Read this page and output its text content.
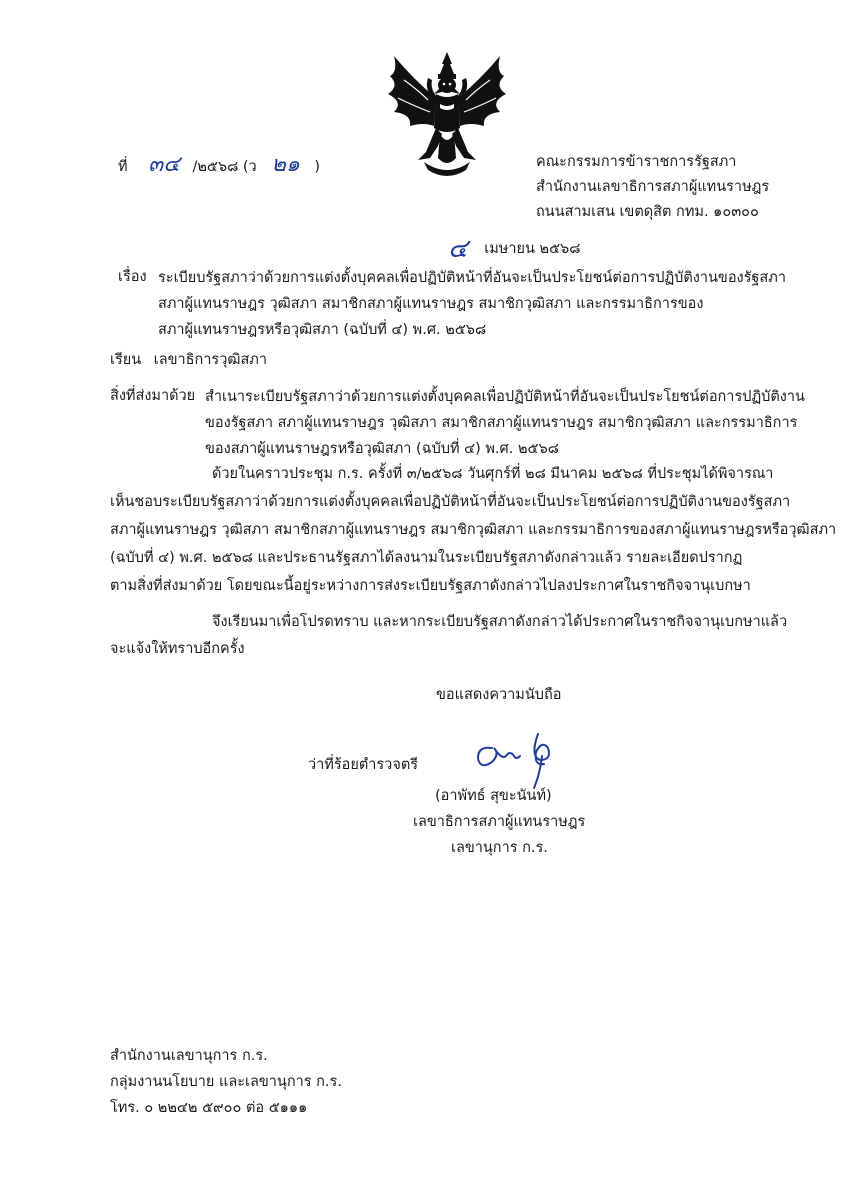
ที่ ๓๔ /๒๕๖๘ (ว ๒๑ )	คณะกรรมการข้าราชการรัฐสภา
สำนักงานเลขาธิการสภาผู้แทนราษฎร
ถนนสามเสน เขตดุสิต กทม. ๑๐๓๐๐
๔ เมษายน ๒๕๖๘
เรื่อง ระเบียบรัฐสภาว่าด้วยการแต่งตั้งบุคคลเพื่อปฏิบัติหน้าที่อันจะเป็นประโยชน์ต่อการปฏิบัติงานของรัฐสภา
สภาผู้แทนราษฎร วุฒิสภา สมาชิกสภาผู้แทนราษฎร สมาชิกวุฒิสภา และกรรมาธิการของ
สภาผู้แทนราษฎรหรือวุฒิสภา (ฉบับที่ ๔) พ.ศ. ๒๕๖๘
เรียน เลขาธิการวุฒิสภา
สิ่งที่ส่งมาด้วย สำเนาระเบียบรัฐสภาว่าด้วยการแต่งตั้งบุคคลเพื่อปฏิบัติหน้าที่อันจะเป็นประโยชน์ต่อการปฏิบัติงาน
ของรัฐสภา สภาผู้แทนราษฎร วุฒิสภา สมาชิกสภาผู้แทนราษฎร สมาชิกวุฒิสภา และกรรมาธิการ
ของสภาผู้แทนราษฎรหรือวุฒิสภา (ฉบับที่ ๔) พ.ศ. ๒๕๖๘
ด้วยในคราวประชุม ก.ร. ครั้งที่ ๓/๒๕๖๘ วันศุกร์ที่ ๒๘ มีนาคม ๒๕๖๘ ที่ประชุมได้พิจารณา
เห็นชอบระเบียบรัฐสภาว่าด้วยการแต่งตั้งบุคคลเพื่อปฏิบัติหน้าที่อันจะเป็นประโยชน์ต่อการปฏิบัติงานของรัฐสภา
สภาผู้แทนราษฎร วุฒิสภา สมาชิกสภาผู้แทนราษฎร สมาชิกวุฒิสภา และกรรมาธิการของสภาผู้แทนราษฎรหรือวุฒิสภา
(ฉบับที่ ๔) พ.ศ. ๒๕๖๘ และประธานรัฐสภาได้ลงนามในระเบียบรัฐสภาดังกล่าวแล้ว รายละเอียดปรากฏ
ตามสิ่งที่ส่งมาด้วย โดยขณะนี้อยู่ระหว่างการส่งระเบียบรัฐสภาดังกล่าวไปลงประกาศในราชกิจจานุเบกษา
จึงเรียนมาเพื่อโปรดทราบ และหากระเบียบรัฐสภาดังกล่าวได้ประกาศในราชกิจจานุเบกษาแล้ว
จะแจ้งให้ทราบอีกครั้ง
ขอแสดงความนับถือ
ว่าที่ร้อยตำรวจตรี
(อาพัทธ์ สุขะนันท์)
เลขาธิการสภาผู้แทนราษฎร
เลขานุการ ก.ร.
สำนักงานเลขานุการ ก.ร.
กลุ่มงานนโยบาย และเลขานุการ ก.ร.
โทร. ๐ ๒๒๔๒ ๕๙๐๐ ต่อ ๕๑๑๑
